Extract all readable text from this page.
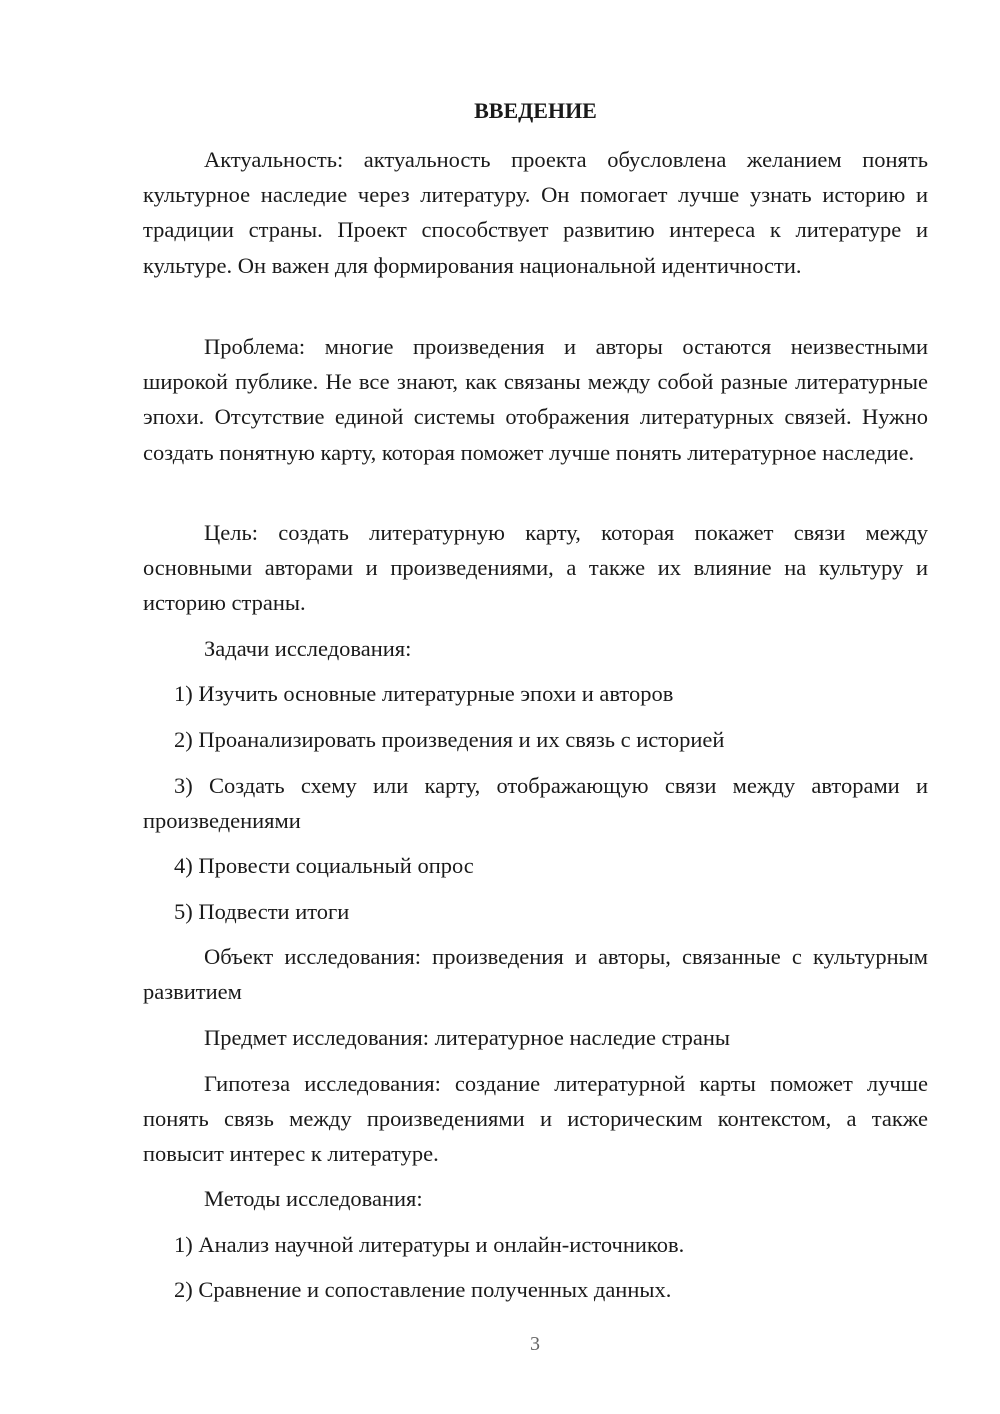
ВВЕДЕНИЕ

Актуальность: актуальность проекта обусловлена желанием понять культурное наследие через литературу. Он помогает лучше узнать историю и традиции страны. Проект способствует развитию интереса к литературе и культуре. Он важен для формирования национальной идентичности.

Проблема: многие произведения и авторы остаются неизвестными широкой публике. Не все знают, как связаны между собой разные литературные эпохи. Отсутствие единой системы отображения литературных связей. Нужно создать понятную карту, которая поможет лучше понять литературное наследие.

Цель: создать литературную карту, которая покажет связи между основными авторами и произведениями, а также их влияние на культуру и историю страны.

Задачи исследования:

1) Изучить основные литературные эпохи и авторов

2) Проанализировать произведения и их связь с историей

3) Создать схему или карту, отображающую связи между авторами и произведениями

4) Провести социальный опрос

5) Подвести итоги

Объект исследования: произведения и авторы, связанные с культурным развитием

Предмет исследования: литературное наследие страны

Гипотеза исследования: создание литературной карты поможет лучше понять связь между произведениями и историческим контекстом, а также повысит интерес к литературе.

Методы исследования:

1) Анализ научной литературы и онлайн-источников.

2) Сравнение и сопоставление полученных данных.

3
